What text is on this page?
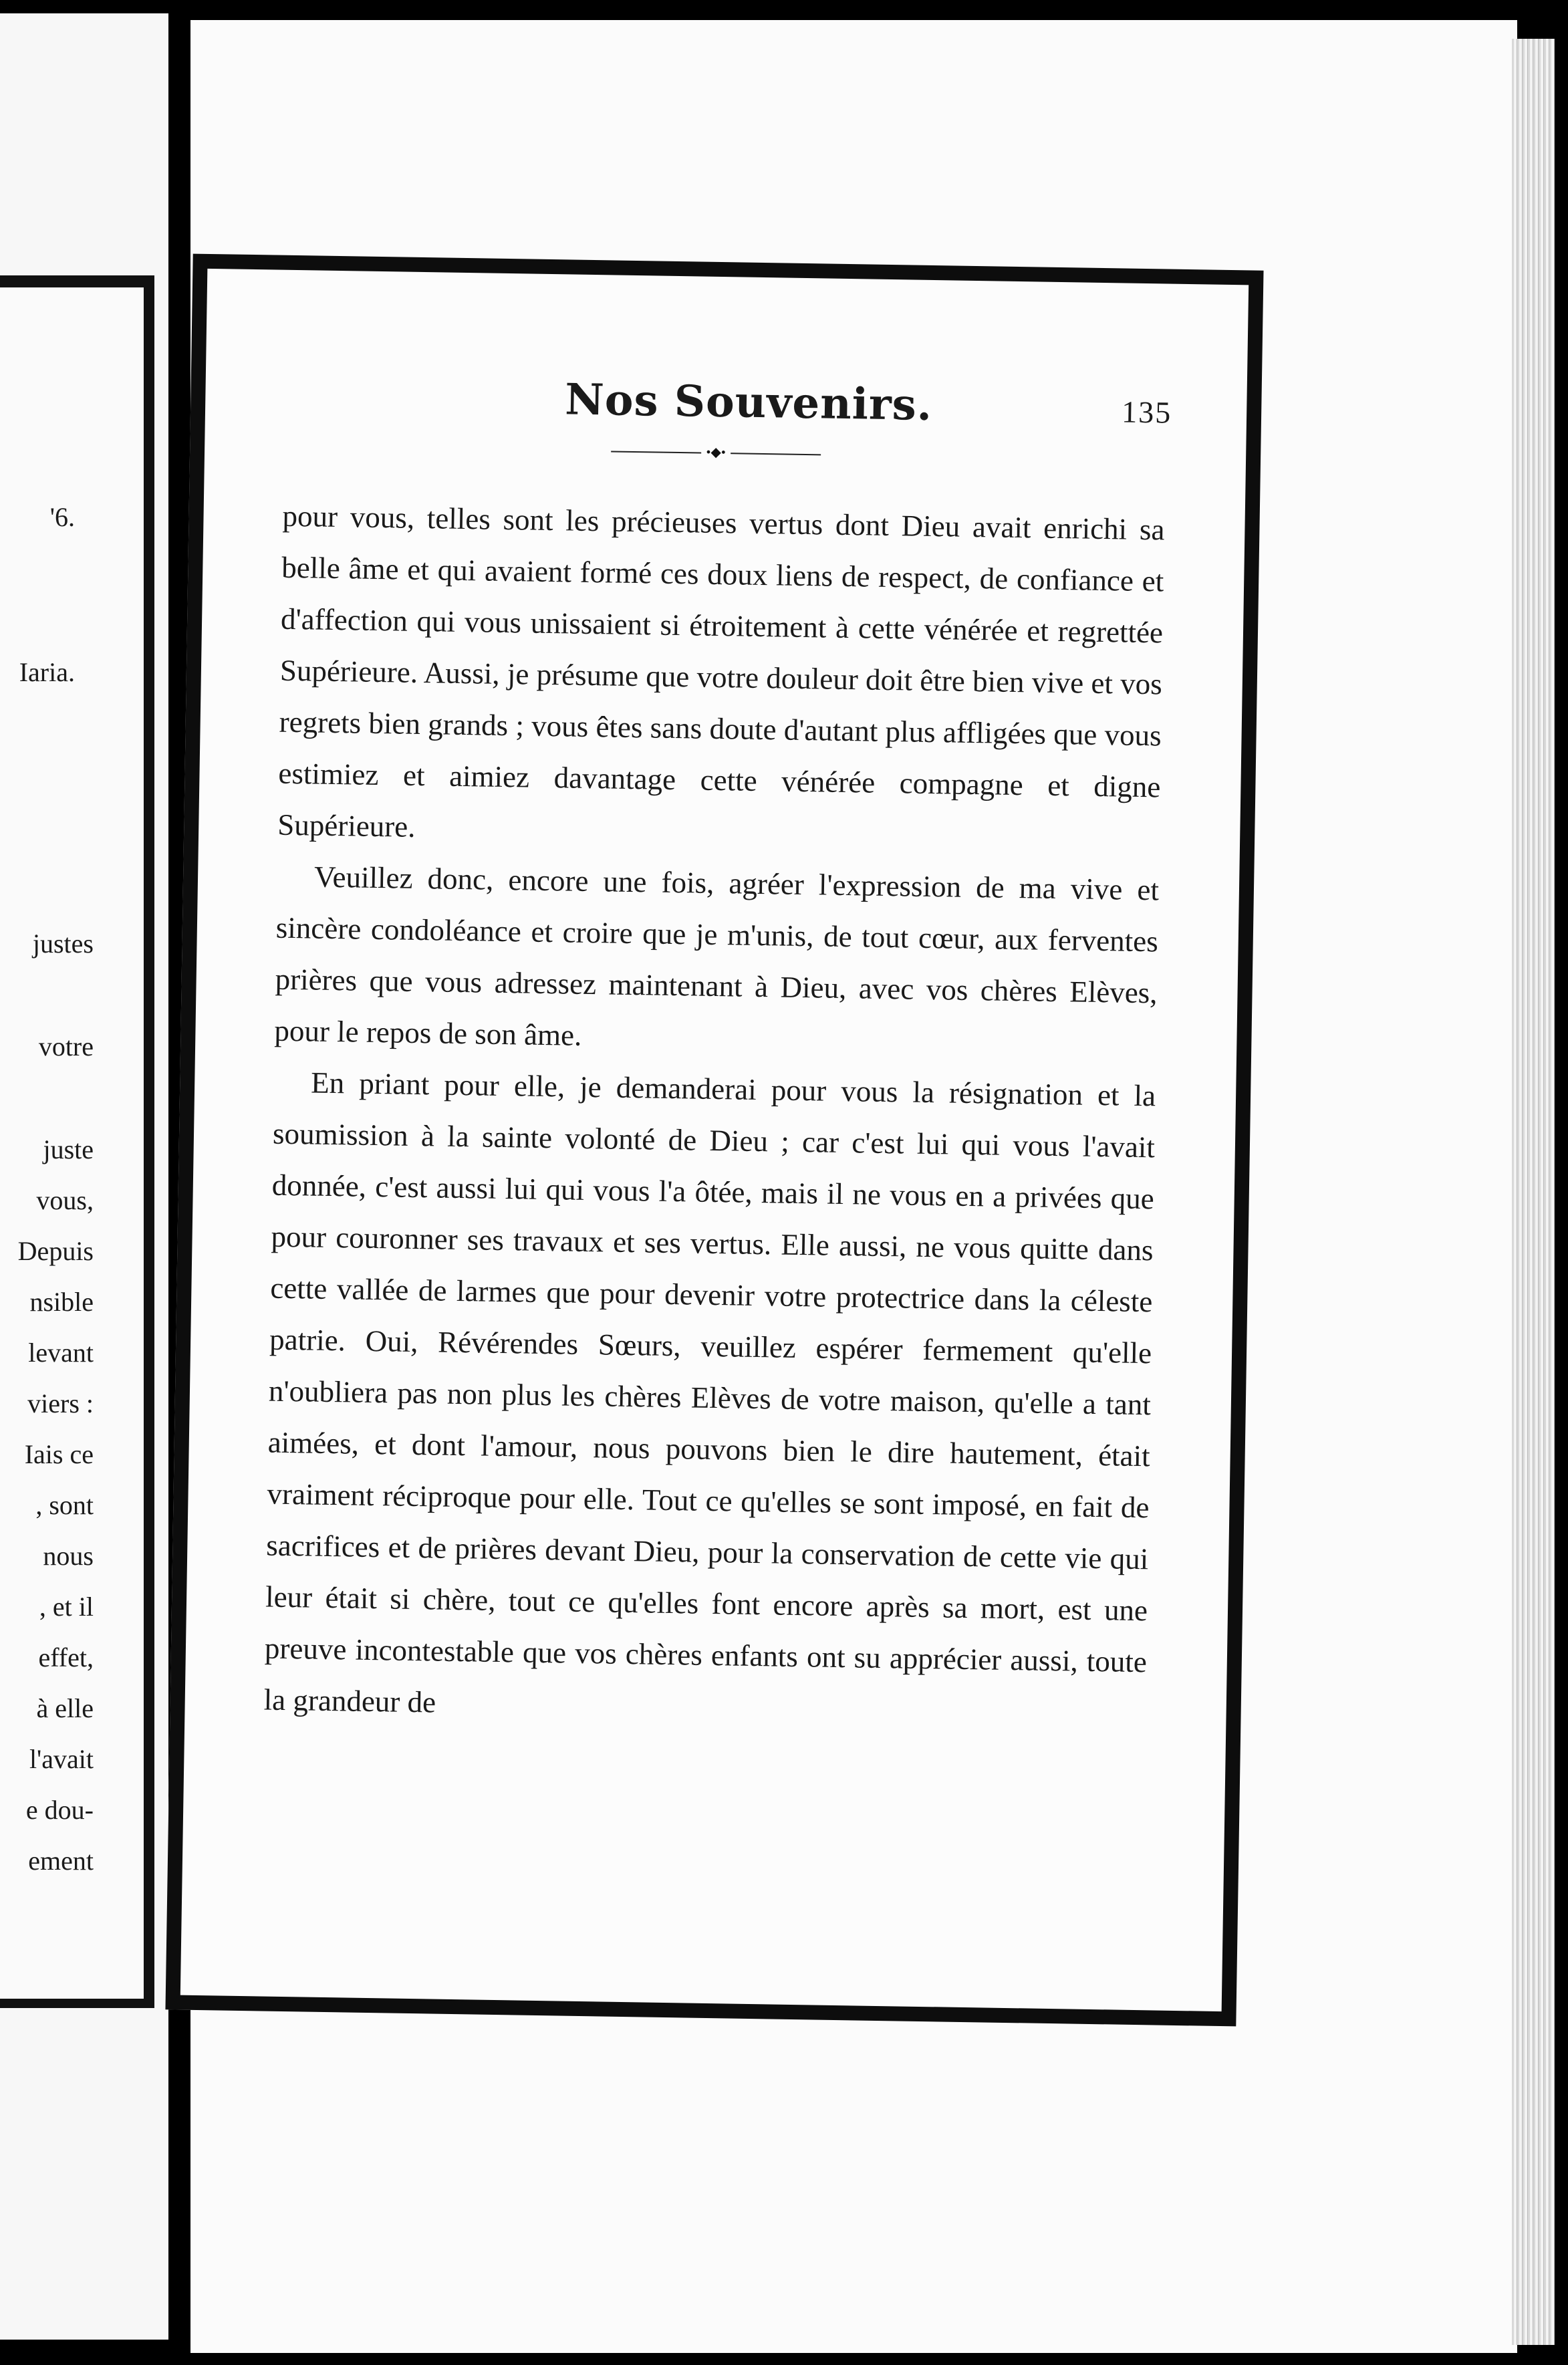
'6.
Iaria.
justes
votre
juste
vous,
Depuis
nsible
levant
viers :
Iais ce
, sont
nous
, et il
effet,
à elle
l'avait
e dou-
ement
Nos Souvenirs.	135
•◆•

pour vous, telles sont les précieuses vertus dont Dieu avait enrichi sa belle âme et qui avaient formé ces doux liens de respect, de confiance et d'affection qui vous unissaient si étroitement à cette vénérée et regrettée Supérieure. Aussi, je présume que votre douleur doit être bien vive et vos regrets bien grands ; vous êtes sans doute d'autant plus affligées que vous estimiez et aimiez davantage cette vénérée compagne et digne Supérieure.

Veuillez donc, encore une fois, agréer l'expression de ma vive et sincère condoléance et croire que je m'unis, de tout cœur, aux ferventes prières que vous adressez maintenant à Dieu, avec vos chères Elèves, pour le repos de son âme.

En priant pour elle, je demanderai pour vous la résignation et la soumission à la sainte volonté de Dieu ; car c'est lui qui vous l'avait donnée, c'est aussi lui qui vous l'a ôtée, mais il ne vous en a privées que pour couronner ses travaux et ses vertus. Elle aussi, ne vous quitte dans cette vallée de larmes que pour devenir votre protectrice dans la céleste patrie. Oui, Révérendes Sœurs, veuillez espérer fermement qu'elle n'oubliera pas non plus les chères Elèves de votre maison, qu'elle a tant aimées, et dont l'amour, nous pouvons bien le dire hautement, était vraiment réciproque pour elle. Tout ce qu'elles se sont imposé, en fait de sacrifices et de prières devant Dieu, pour la conservation de cette vie qui leur était si chère, tout ce qu'elles font encore après sa mort, est une preuve incontestable que vos chères enfants ont su apprécier aussi, toute la grandeur de
